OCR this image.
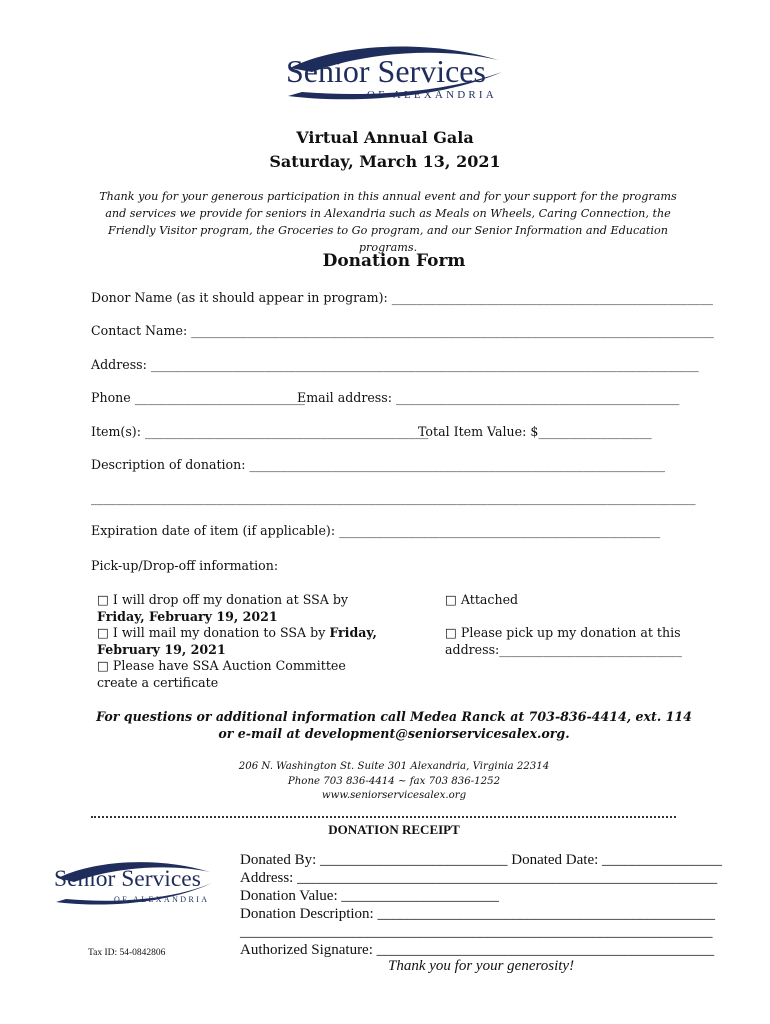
Senior Services
OF ALEXANDRIA
Virtual Annual Gala
Saturday, March 13, 2021
Thank you for your generous participation in this annual event and for your support for the programs and services we provide for seniors in Alexandria such as Meals on Wheels, Caring Connection, the Friendly Visitor program, the Groceries to Go program, and our Senior Information and Education programs.
Donation Form
Donor Name (as it should appear in program): ___________________________________________________
Contact Name: ___________________________________________________________________________________
Address: _______________________________________________________________________________________
Phone ___________________________
Email address: _____________________________________________
Item(s): _____________________________________________
Total Item Value: $__________________
Description of donation: __________________________________________________________________
________________________________________________________________________________________________
Expiration date of item (if applicable): ___________________________________________________
Pick-up/Drop-off information:
□ I will drop off my donation at SSA by Friday, February 19, 2021
□ I will mail my donation to SSA by Friday, February 19, 2021
□ Please have SSA Auction Committee create a certificate
□ Attached
□ Please pick up my donation at this address:_____________________________
For questions or additional information call Medea Ranck at 703-836-4414, ext. 114 or e-mail at development@seniorservicesalex.org.
206 N. Washington St. Suite 301 Alexandria, Virginia 22314
Phone 703 836-4414 ~ fax 703 836-1252
www.seniorservicesalex.org
DONATION RECEIPT
Senior Services
OF ALEXANDRIA
Donated By: _________________________ Donated Date: ________________
Address: ________________________________________________________
Donation Value: _____________________
Donation Description: _____________________________________________
_______________________________________________________________
Authorized Signature: _____________________________________________
Tax ID: 54-0842806
Thank you for your generosity!
